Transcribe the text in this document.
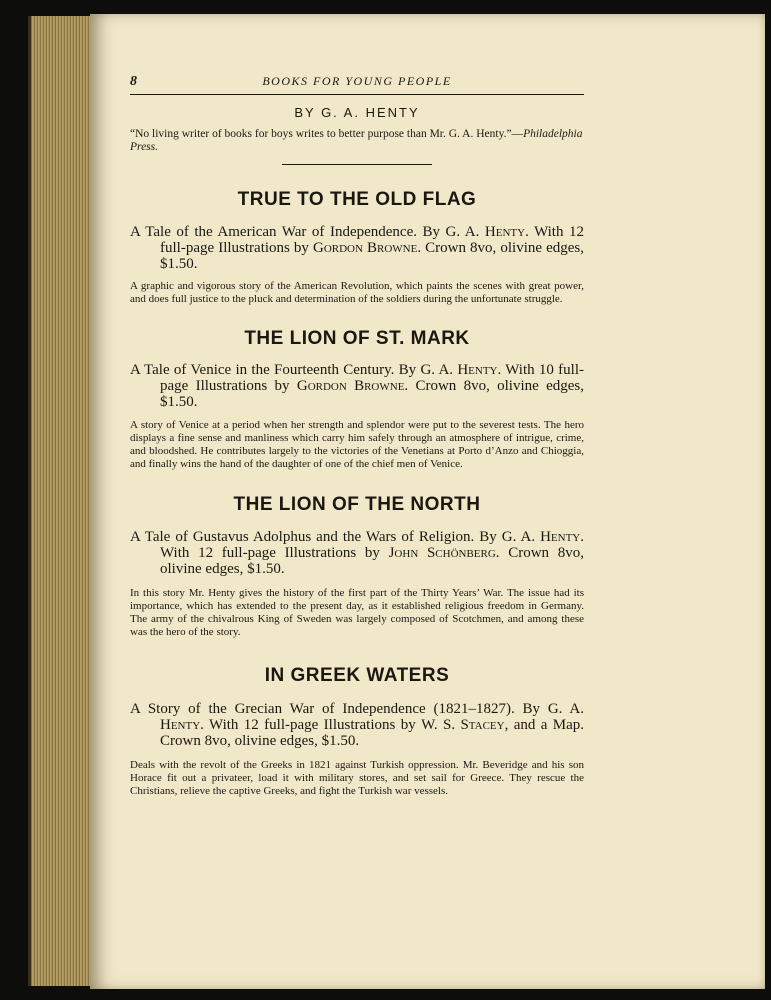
8	BOOKS FOR YOUNG PEOPLE
BY G. A. HENTY

“No living writer of books for boys writes to better purpose than Mr. G. A. Henty.”—Philadelphia Press.

TRUE TO THE OLD FLAG

A Tale of the American War of Independence. By G. A. Henty. With 12 full-page Illustrations by Gordon Browne. Crown 8vo, olivine edges, $1.50.

A graphic and vigorous story of the American Revolution, which paints the scenes with great power, and does full justice to the pluck and determination of the soldiers during the unfortunate struggle.

THE LION OF ST. MARK

A Tale of Venice in the Fourteenth Century. By G. A. Henty. With 10 full-page Illustrations by Gordon Browne. Crown 8vo, olivine edges, $1.50.

A story of Venice at a period when her strength and splendor were put to the severest tests. The hero displays a fine sense and manliness which carry him safely through an atmosphere of intrigue, crime, and bloodshed. He contributes largely to the victories of the Venetians at Porto d’Anzo and Chioggia, and finally wins the hand of the daughter of one of the chief men of Venice.

THE LION OF THE NORTH

A Tale of Gustavus Adolphus and the Wars of Religion. By G. A. Henty. With 12 full-page Illustrations by John Schönberg. Crown 8vo, olivine edges, $1.50.

In this story Mr. Henty gives the history of the first part of the Thirty Years’ War. The issue had its importance, which has extended to the present day, as it established religious freedom in Germany. The army of the chivalrous King of Sweden was largely composed of Scotchmen, and among these was the hero of the story.

IN GREEK WATERS

A Story of the Grecian War of Independence (1821–1827). By G. A. Henty. With 12 full-page Illustrations by W. S. Stacey, and a Map. Crown 8vo, olivine edges, $1.50.

Deals with the revolt of the Greeks in 1821 against Turkish oppression. Mr. Beveridge and his son Horace fit out a privateer, load it with military stores, and set sail for Greece. They rescue the Christians, relieve the captive Greeks, and fight the Turkish war vessels.
